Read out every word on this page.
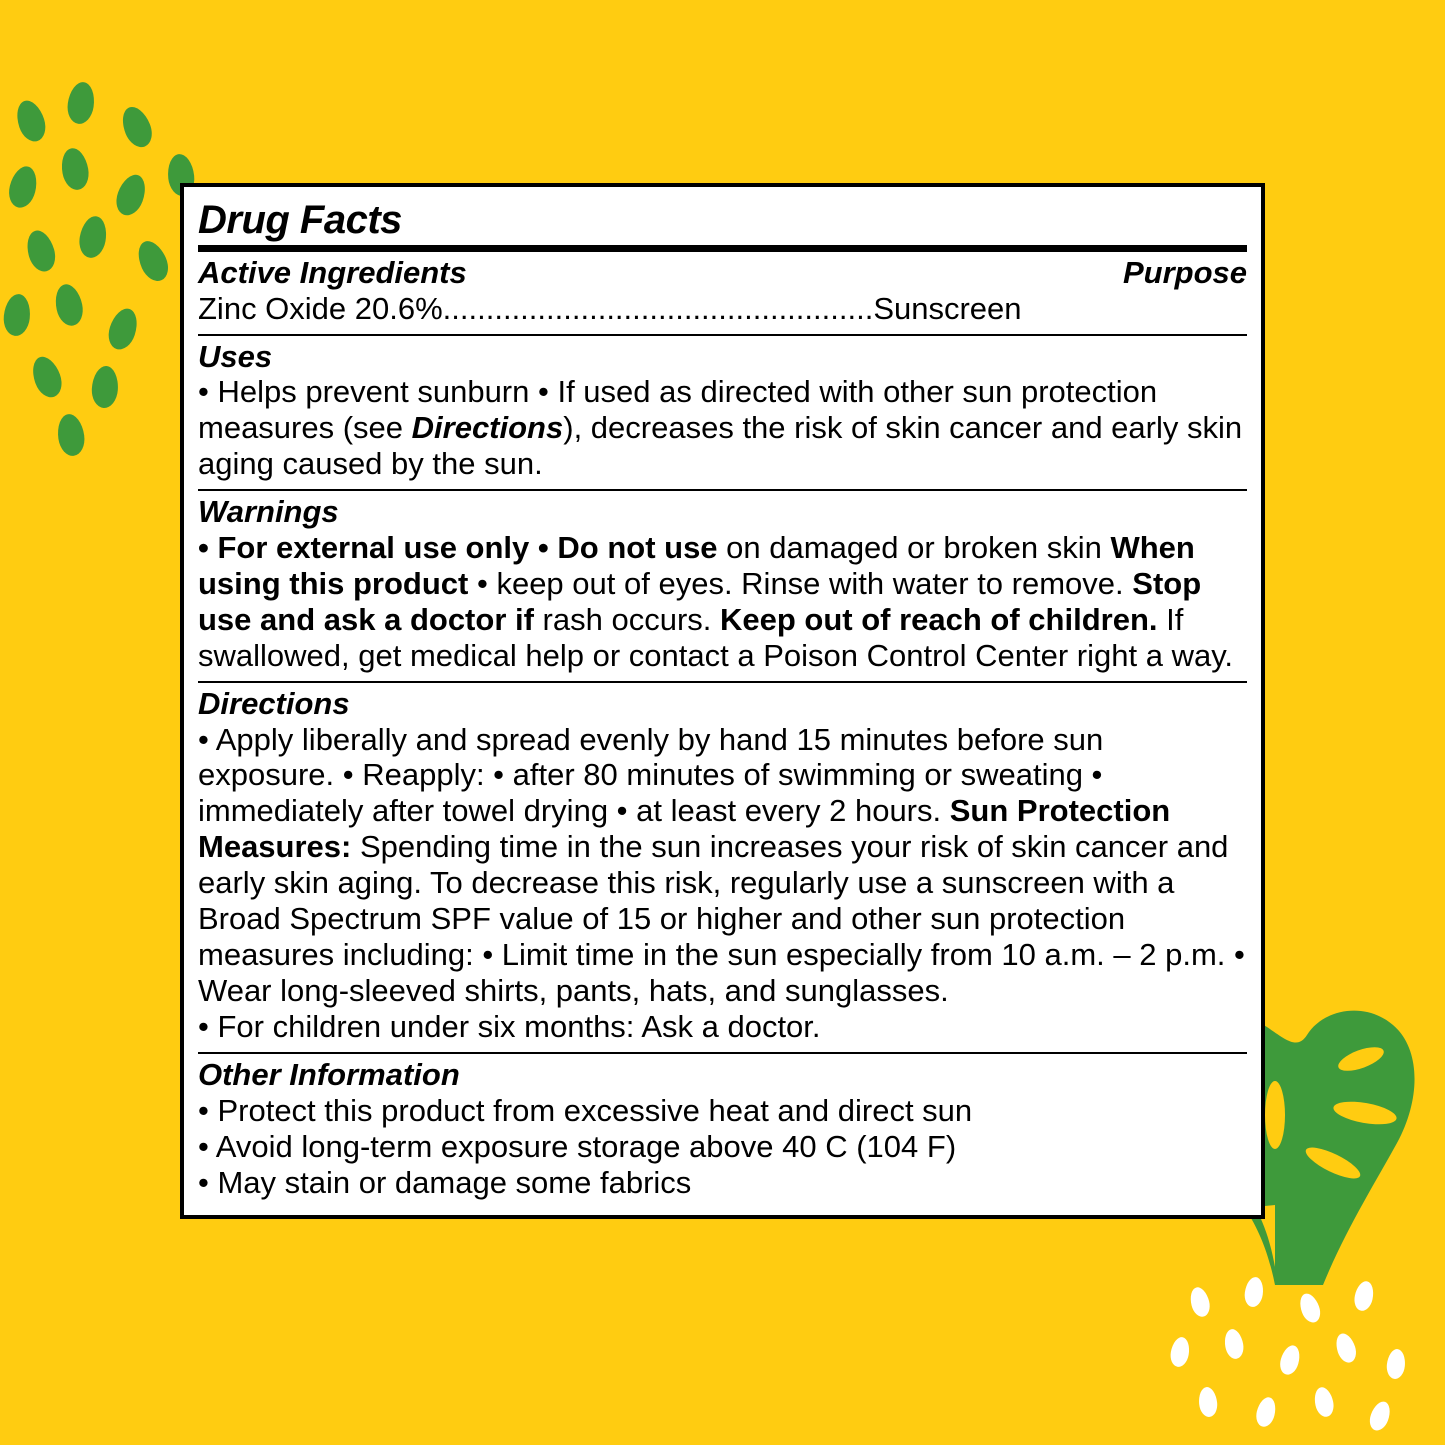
Drug Facts
Active Ingredients	Purpose
Zinc Oxide 20.6%..................................................Sunscreen
Uses
• Helps prevent sunburn • If used as directed with other sun protection measures (see Directions), decreases the risk of skin cancer and early skin aging caused by the sun.
Warnings
• For external use only • Do not use on damaged or broken skin When using this product • keep out of eyes. Rinse with water to remove. Stop use and ask a doctor if rash occurs. Keep out of reach of children. If swallowed, get medical help or contact a Poison Control Center right a way.
Directions
• Apply liberally and spread evenly by hand 15 minutes before sun exposure. • Reapply: • after 80 minutes of swimming or sweating • immediately after towel drying • at least every 2 hours. Sun Protection Measures: Spending time in the sun increases your risk of skin cancer and early skin aging. To decrease this risk, regularly use a sunscreen with a Broad Spectrum SPF value of 15 or higher and other sun protection measures including: • Limit time in the sun especially from 10 a.m. – 2 p.m. • Wear long-sleeved shirts, pants, hats, and sunglasses.
• For children under six months: Ask a doctor.
Other Information
• Protect this product from excessive heat and direct sun
• Avoid long-term exposure storage above 40 C (104 F)
• May stain or damage some fabrics
